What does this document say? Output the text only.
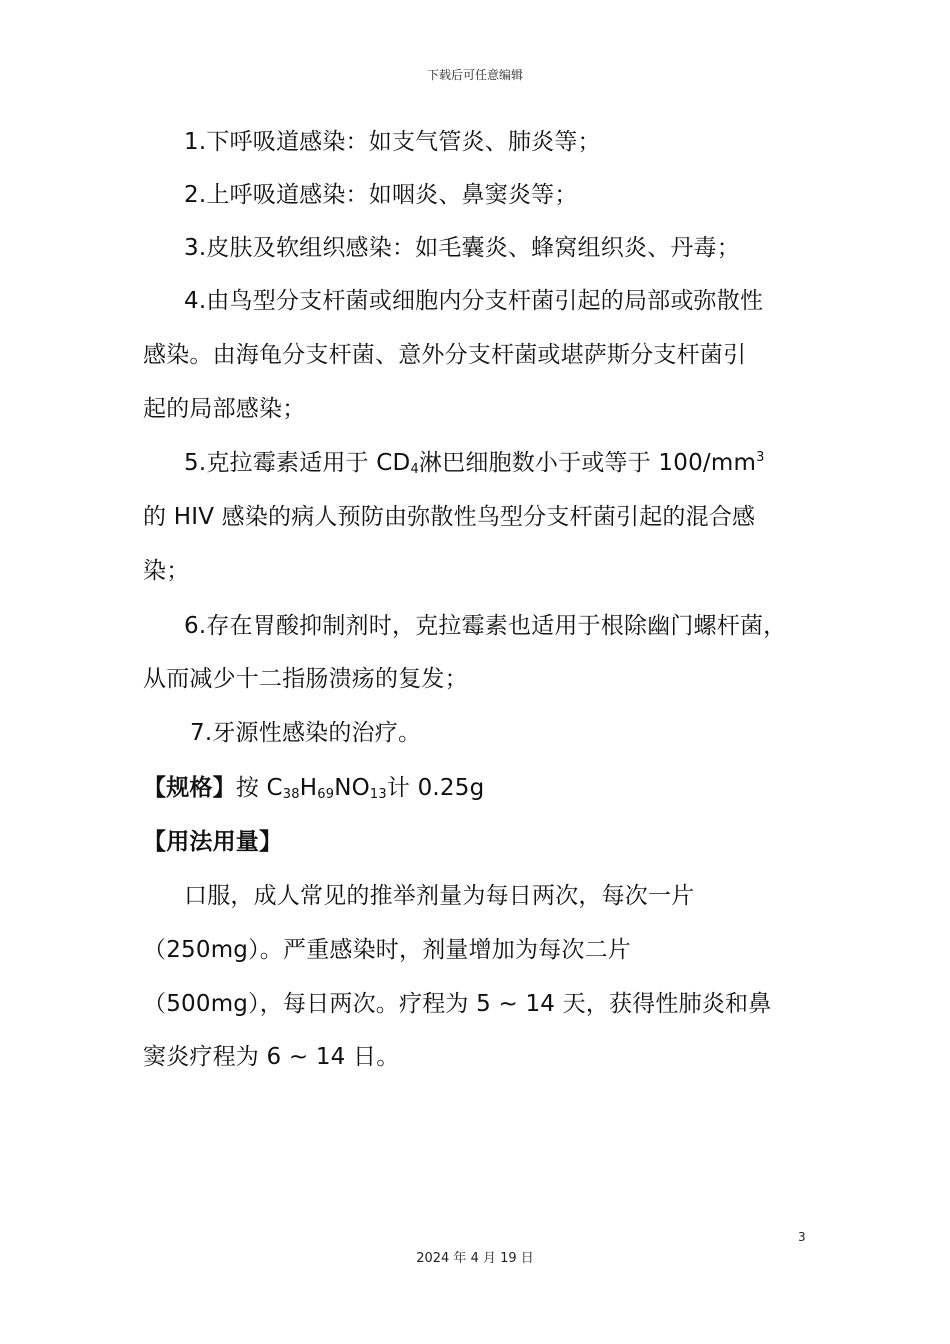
下载后可任意编辑
1.下呼吸道感染：如支气管炎、肺炎等；
2.上呼吸道感染：如咽炎、鼻窦炎等；
3.皮肤及软组织感染：如毛囊炎、蜂窝组织炎、丹毒；
4.由鸟型分支杆菌或细胞内分支杆菌引起的局部或弥散性
感染。由海龟分支杆菌、意外分支杆菌或堪萨斯分支杆菌引
起的局部感染；
5.克拉霉素适用于 $CD_4$淋巴细胞数小于或等于 $100/mm^3$
的 HIV 感染的病人预防由弥散性鸟型分支杆菌引起的混合感
染；
6.存在胃酸抑制剂时，克拉霉素也适用于根除幽门螺杆菌，
从而减少十二指肠溃疡的复发；
7.牙源性感染的治疗。
【规格】按 $C_{38}H_{69}NO_{13}$计 0.25g
【用法用量】
口服，成人常见的推举剂量为每日两次，每次一片
（250mg）。严重感染时，剂量增加为每次二片
（500mg），每日两次。疗程为 5 ~ 14 天，获得性肺炎和鼻
窦炎疗程为 6 ~ 14 日。
3
2024 年 4 月 19 日
